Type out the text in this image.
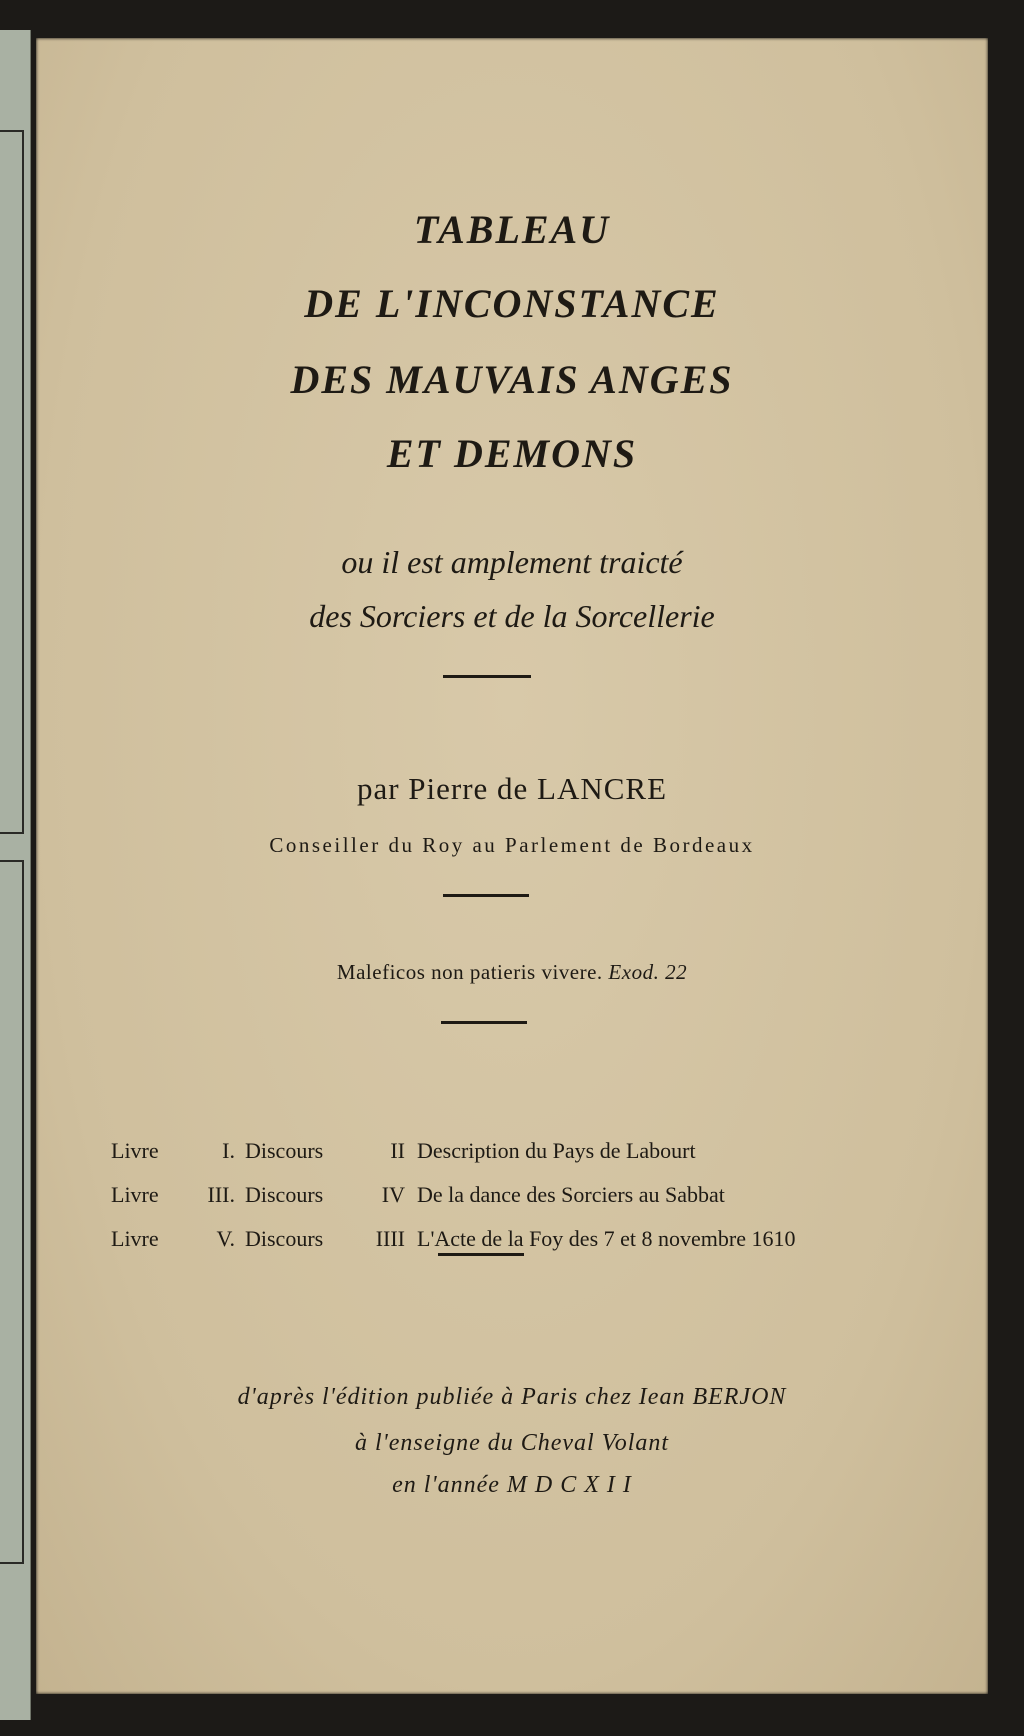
TABLEAU
DE L'INCONSTANCE
DES MAUVAIS ANGES
ET DEMONS
ou il est amplement traicté
des Sorciers et de la Sorcellerie
par Pierre de LANCRE
Conseiller du Roy au Parlement de Bordeaux
Maleficos non patieris vivere. Exod. 22
Livre	I. Discours	II Description du Pays de Labourt
Livre III. Discours	IV De la dance des Sorciers au Sabbat
Livre	V. Discours IIII L'Acte de la Foy des 7 et 8 novembre 1610
d'après l'édition publiée à Paris chez Iean BERJON
à l'enseigne du Cheval Volant
en l'année M D C X I I
